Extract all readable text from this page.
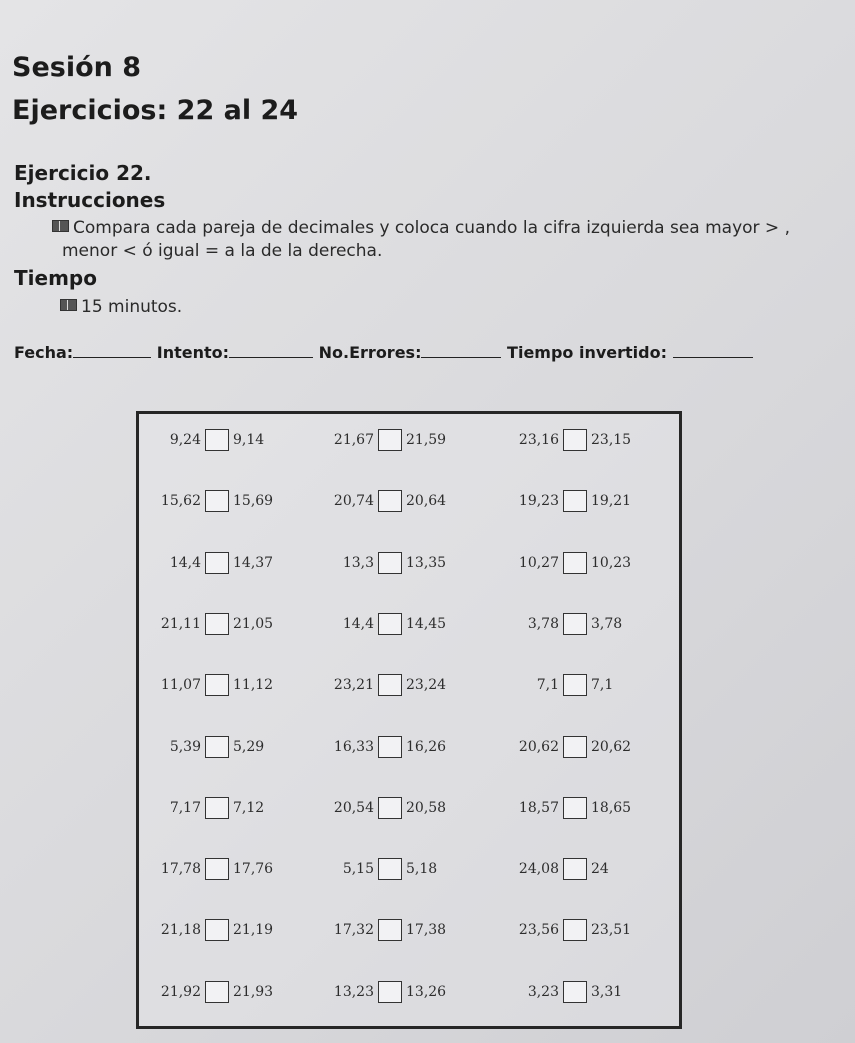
Sesión 8
Ejercicios: 22 al 24
Ejercicio 22.
Instrucciones
Compara cada pareja de decimales y coloca cuando la cifra izquierda sea mayor > , menor < ó igual = a la de la derecha.
Tiempo
15 minutos.
Fecha:	Intento:	No.Errores:	Tiempo invertido:
9,24 9,14	21,67 21,59	23,16 23,15
15,62 15,69	20,74 20,64	19,23 19,21
14,4 14,37	13,3 13,35	10,27 10,23
21,11 21,05	14,4 14,45	3,78 3,78
11,07 11,12	23,21 23,24	7,1 7,1
5,39 5,29	16,33 16,26	20,62 20,62
7,17 7,12	20,54 20,58	18,57 18,65
17,78 17,76	5,15 5,18	24,08 24
21,18 21,19	17,32 17,38	23,56 23,51
21,92 21,93	13,23 13,26	3,23 3,31
